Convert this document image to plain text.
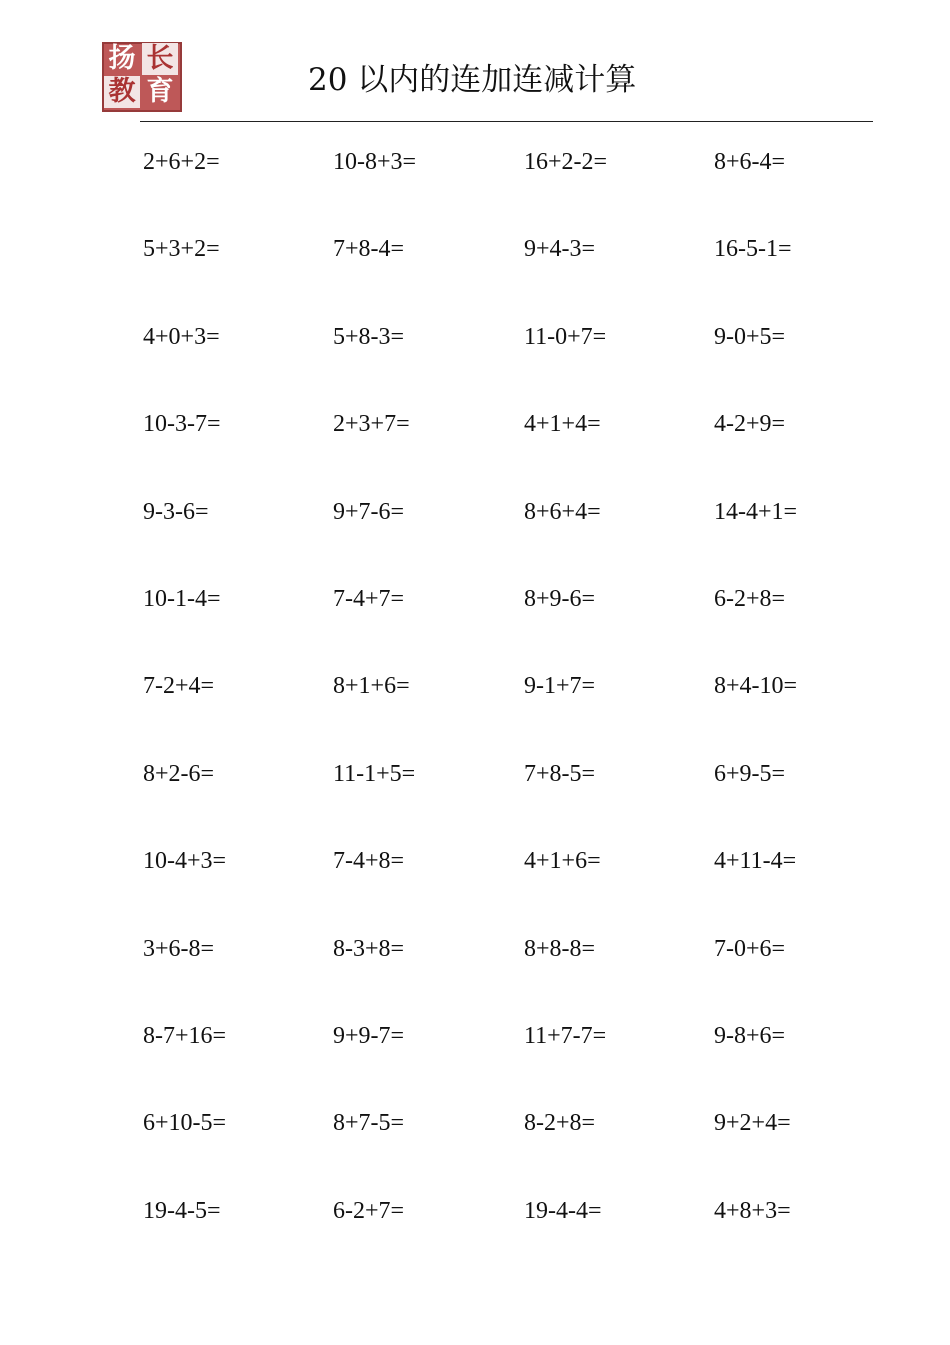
扬 长
教 育	20 以内的连加连减计算
2+6+2=	10-8+3=	16+2-2=	8+6-4=
5+3+2=	7+8-4=	9+4-3=	16-5-1=
4+0+3=	5+8-3=	11-0+7=	9-0+5=
10-3-7=	2+3+7=	4+1+4=	4-2+9=
9-3-6=	9+7-6=	8+6+4=	14-4+1=
10-1-4=	7-4+7=	8+9-6=	6-2+8=
7-2+4=	8+1+6=	9-1+7=	8+4-10=
8+2-6=	11-1+5=	7+8-5=	6+9-5=
10-4+3=	7-4+8=	4+1+6=	4+11-4=
3+6-8=	8-3+8=	8+8-8=	7-0+6=
8-7+16=	9+9-7=	11+7-7=	9-8+6=
6+10-5=	8+7-5=	8-2+8=	9+2+4=
19-4-5=	6-2+7=	19-4-4=	4+8+3=
